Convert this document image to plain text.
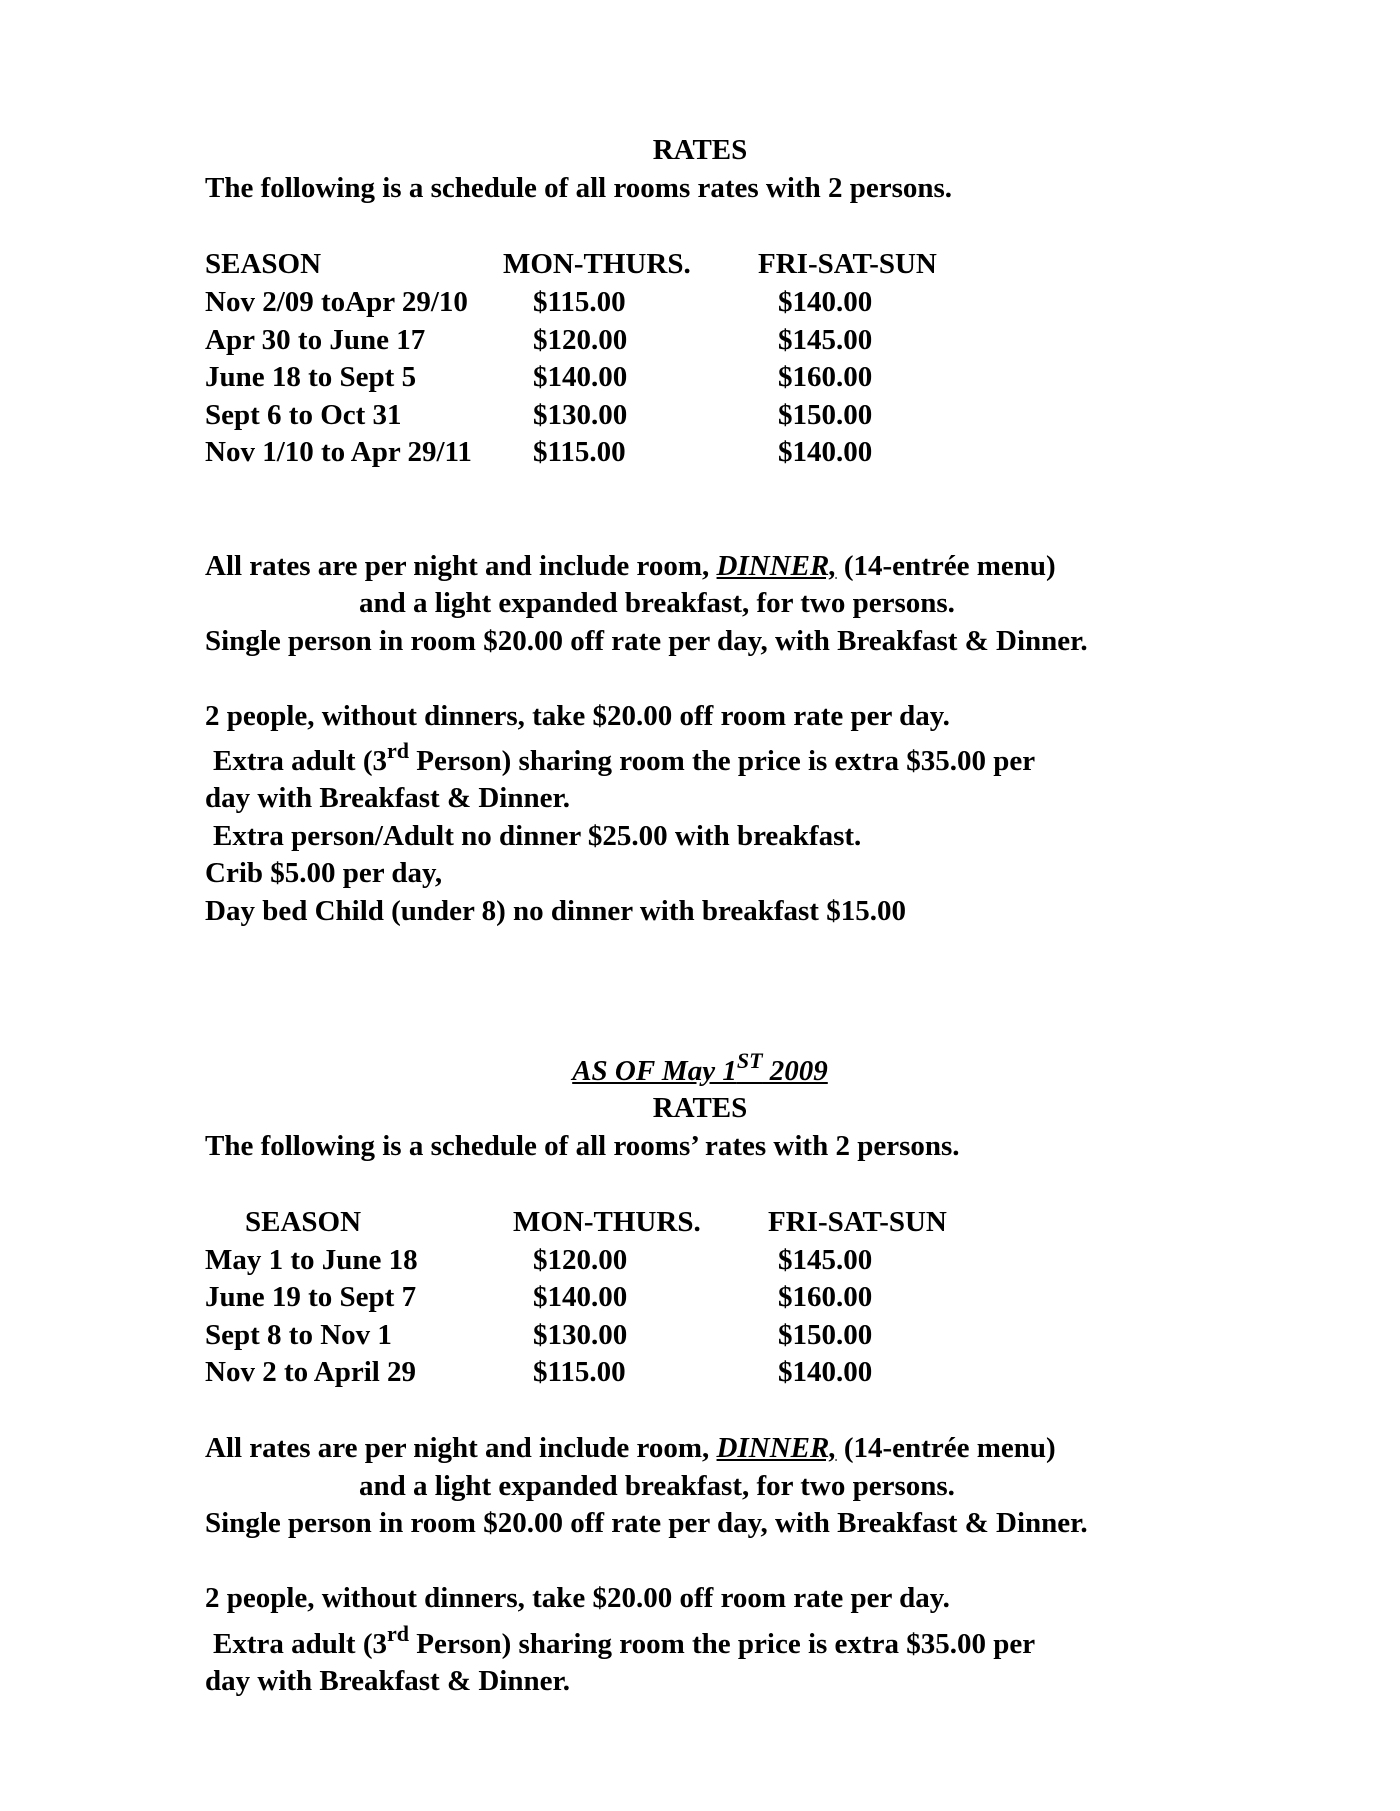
RATES
The following is a schedule of all rooms rates with 2 persons.
SEASON	MON-THURS. FRI-SAT-SUN
Nov 2/09 toApr 29/10 $115.00	$140.00
Apr 30 to June 17	$120.00	$145.00
June 18 to Sept 5	$140.00	$160.00
Sept 6 to Oct 31	$130.00	$150.00
Nov 1/10 to Apr 29/11 $115.00	$140.00
All rates are per night and include room, DINNER, (14-entrée menu)
and a light expanded breakfast, for two persons.
Single person in room $20.00 off rate per day, with Breakfast & Dinner.
2 people, without dinners, take $20.00 off room rate per day.
Extra adult (3rd Person) sharing room the price is extra $35.00 per
day with Breakfast & Dinner.
Extra person/Adult no dinner $25.00 with breakfast.
Crib $5.00 per day,
Day bed Child (under 8) no dinner with breakfast $15.00
AS OF May 1ST 2009
RATES
The following is a schedule of all rooms’ rates with 2 persons.
SEASON	MON-THURS. FRI-SAT-SUN
May 1 to June 18	$120.00	$145.00
June 19 to Sept 7	$140.00	$160.00
Sept 8 to Nov 1	$130.00	$150.00
Nov 2 to April 29	$115.00	$140.00
All rates are per night and include room, DINNER, (14-entrée menu)
and a light expanded breakfast, for two persons.
Single person in room $20.00 off rate per day, with Breakfast & Dinner.
2 people, without dinners, take $20.00 off room rate per day.
Extra adult (3rd Person) sharing room the price is extra $35.00 per
day with Breakfast & Dinner.
